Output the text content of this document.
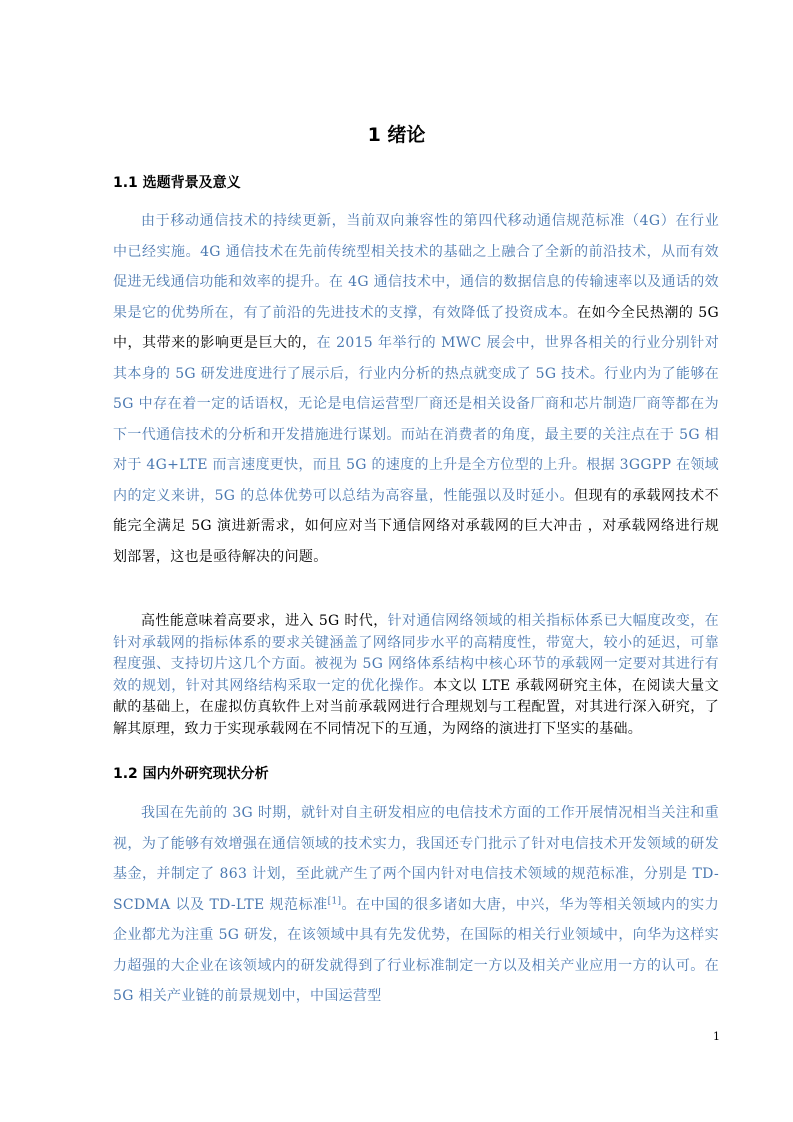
1 绪论
1.1 选题背景及意义

由于移动通信技术的持续更新，当前双向兼容性的第四代移动通信规范标准（4G）在行业中已经实施。4G 通信技术在先前传统型相关技术的基础之上融合了全新的前沿技术，从而有效促进无线通信功能和效率的提升。在 4G 通信技术中，通信的数据信息的传输速率以及通话的效果是它的优势所在，有了前沿的先进技术的支撑，有效降低了投资成本。在如今全民热潮的 5G 中，其带来的影响更是巨大的，在 2015 年举行的 MWC 展会中，世界各相关的行业分别针对其本身的 5G 研发进度进行了展示后，行业内分析的热点就变成了 5G 技术。行业内为了能够在 5G 中存在着一定的话语权，无论是电信运营型厂商还是相关设备厂商和芯片制造厂商等都在为下一代通信技术的分析和开发措施进行谋划。而站在消费者的角度，最主要的关注点在于 5G 相对于 4G+LTE 而言速度更快，而且 5G 的速度的上升是全方位型的上升。根据 3GGPP 在领域内的定义来讲，5G 的总体优势可以总结为高容量，性能强以及时延小。但现有的承载网技术不能完全满足 5G 演进新需求，如何应对当下通信网络对承载网的巨大冲击 ，对承载网络进行规划部署，这也是亟待解决的问题。

高性能意味着高要求，进入 5G 时代，针对通信网络领域的相关指标体系已大幅度改变，在针对承载网的指标体系的要求关键涵盖了网络同步水平的高精度性，带宽大，较小的延迟，可靠程度强、支持切片这几个方面。被视为 5G 网络体系结构中核心环节的承载网一定要对其进行有效的规划，针对其网络结构采取一定的优化操作。本文以 LTE 承载网研究主体，在阅读大量文献的基础上，在虚拟仿真软件上对当前承载网进行合理规划与工程配置，对其进行深入研究，了解其原理，致力于实现承载网在不同情况下的互通，为网络的演进打下坚实的基础。

1.2 国内外研究现状分析

我国在先前的 3G 时期，就针对自主研发相应的电信技术方面的工作开展情况相当关注和重视，为了能够有效增强在通信领域的技术实力，我国还专门批示了针对电信技术开发领域的研发基金，并制定了 863 计划，至此就产生了两个国内针对电信技术领域的规范标准，分别是 TD-SCDMA 以及 TD-LTE 规范标准[1]。在中国的很多诸如大唐，中兴，华为等相关领域内的实力企业都尤为注重 5G 研发，在该领域中具有先发优势，在国际的相关行业领域中，向华为这样实力超强的大企业在该领域内的研发就得到了行业标准制定一方以及相关产业应用一方的认可。在 5G 相关产业链的前景规划中，中国运营型

1
